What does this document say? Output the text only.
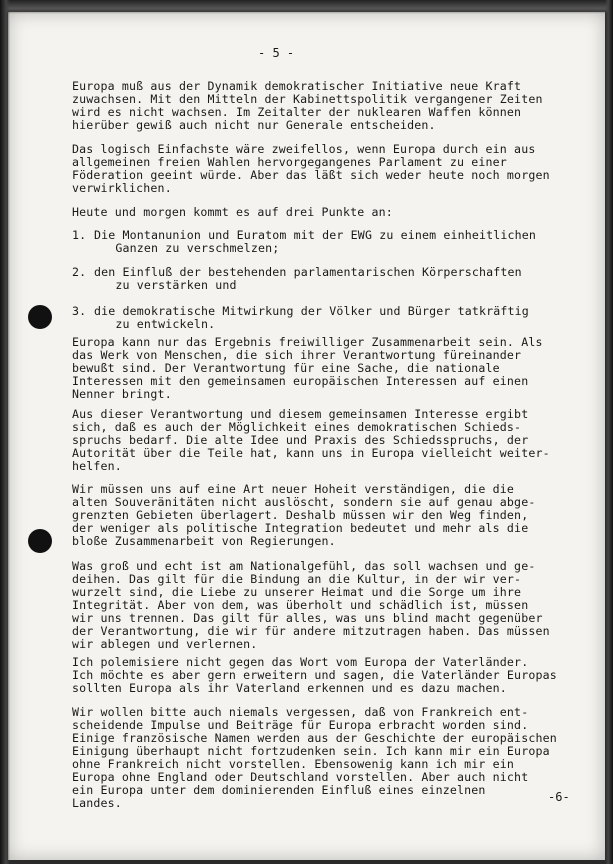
- 5 -
Europa muß aus der Dynamik demokratischer Initiative neue Kraft
zuwachsen. Mit den Mitteln der Kabinettspolitik vergangener Zeiten
wird es nicht wachsen. Im Zeitalter der nuklearen Waffen können
hierüber gewiß auch nicht nur Generale entscheiden.
Das logisch Einfachste wäre zweifellos, wenn Europa durch ein aus
allgemeinen freien Wahlen hervorgegangenes Parlament zu einer
Föderation geeint würde. Aber das läßt sich weder heute noch morgen
verwirklichen.
Heute und morgen kommt es auf drei Punkte an:
1. Die Montanunion und Euratom mit der EWG zu einem einheitlichen
Ganzen zu verschmelzen;
2. den Einfluß der bestehenden parlamentarischen Körperschaften
zu verstärken und
3. die demokratische Mitwirkung der Völker und Bürger tatkräftig
zu entwickeln.
Europa kann nur das Ergebnis freiwilliger Zusammenarbeit sein. Als
das Werk von Menschen, die sich ihrer Verantwortung füreinander
bewußt sind. Der Verantwortung für eine Sache, die nationale
Interessen mit den gemeinsamen europäischen Interessen auf einen
Nenner bringt.
Aus dieser Verantwortung und diesem gemeinsamen Interesse ergibt
sich, daß es auch der Möglichkeit eines demokratischen Schieds-
spruchs bedarf. Die alte Idee und Praxis des Schiedsspruchs, der
Autorität über die Teile hat, kann uns in Europa vielleicht weiter-
helfen.
Wir müssen uns auf eine Art neuer Hoheit verständigen, die die
alten Souveränitäten nicht auslöscht, sondern sie auf genau abge-
grenzten Gebieten überlagert. Deshalb müssen wir den Weg finden,
der weniger als politische Integration bedeutet und mehr als die
bloße Zusammenarbeit von Regierungen.
Was groß und echt ist am Nationalgefühl, das soll wachsen und ge-
deihen. Das gilt für die Bindung an die Kultur, in der wir ver-
wurzelt sind, die Liebe zu unserer Heimat und die Sorge um ihre
Integrität. Aber von dem, was überholt und schädlich ist, müssen
wir uns trennen. Das gilt für alles, was uns blind macht gegenüber
der Verantwortung, die wir für andere mitzutragen haben. Das müssen
wir ablegen und verlernen.
Ich polemisiere nicht gegen das Wort vom Europa der Vaterländer.
Ich möchte es aber gern erweitern und sagen, die Vaterländer Europas
sollten Europa als ihr Vaterland erkennen und es dazu machen.
Wir wollen bitte auch niemals vergessen, daß von Frankreich ent-
scheidende Impulse und Beiträge für Europa erbracht worden sind.
Einige französische Namen werden aus der Geschichte der europäischen
Einigung überhaupt nicht fortzudenken sein. Ich kann mir ein Europa
ohne Frankreich nicht vorstellen. Ebensowenig kann ich mir ein
Europa ohne England oder Deutschland vorstellen. Aber auch nicht
ein Europa unter dem dominierenden Einfluß eines einzelnen
Landes.	-6-
